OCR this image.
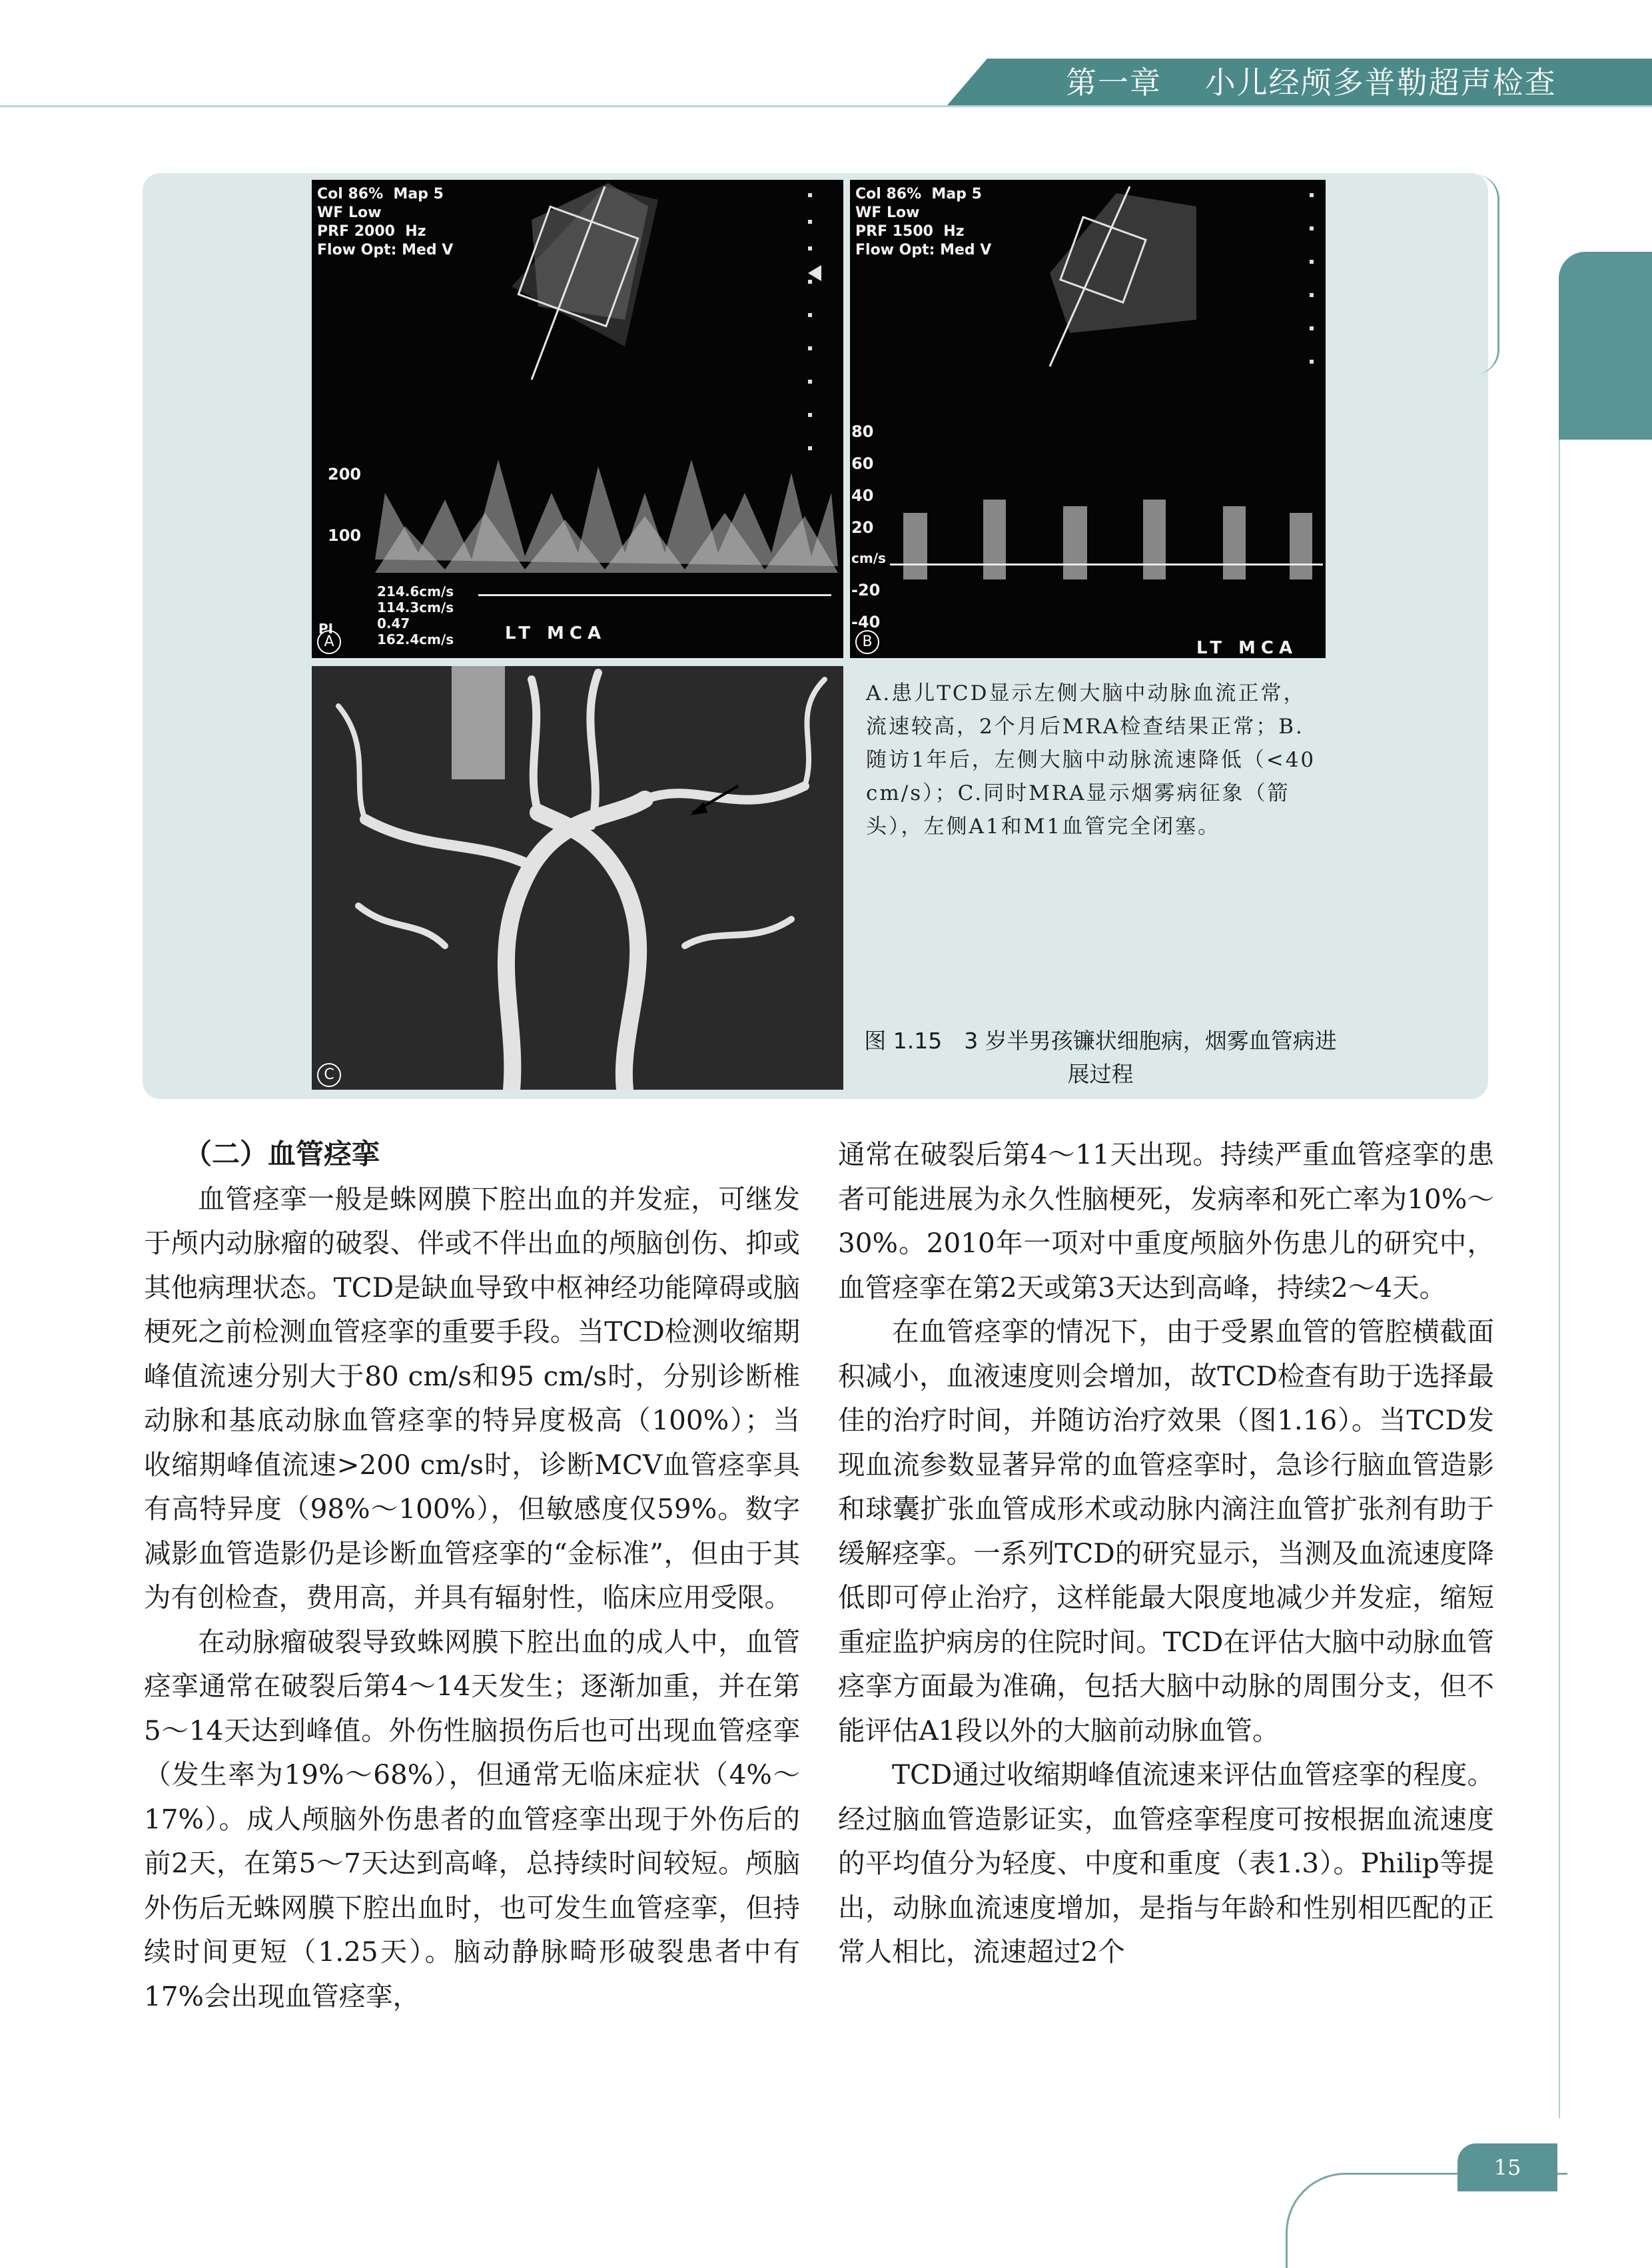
第一章　 小儿经颅多普勒超声检查
Col 86%  Map 5
WF Low
PRF 2000  Hz
Flow Opt: Med V
200
100
214.6cm/s
114.3cm/s
0.47
162.4cm/s
PI	LT MCA
A
Col 86%  Map 5
WF Low
PRF 1500  Hz
Flow Opt: Med V
80
60
40
20
cm/s
-20
-40
LT MCA
B
C
A.患儿TCD显示左侧大脑中动脉血流正常，流速较高，2个月后MRA检查结果正常；B.随访1年后，左侧大脑中动脉流速降低（<40 cm/s）；C.同时MRA显示烟雾病征象（箭头），左侧A1和M1血管完全闭塞。
图 1.15　3 岁半男孩镰状细胞病，烟雾血管病进展过程
（二）血管痉挛

血管痉挛一般是蛛网膜下腔出血的并发症，可继发于颅内动脉瘤的破裂、伴或不伴出血的颅脑创伤、抑或其他病理状态。TCD是缺血导致中枢神经功能障碍或脑梗死之前检测血管痉挛的重要手段。当TCD检测收缩期峰值流速分别大于80 cm/s和95 cm/s时，分别诊断椎动脉和基底动脉血管痉挛的特异度极高（100%）；当收缩期峰值流速>200 cm/s时，诊断MCV血管痉挛具有高特异度（98%～100%），但敏感度仅59%。数字减影血管造影仍是诊断血管痉挛的“金标准”，但由于其为有创检查，费用高，并具有辐射性，临床应用受限。

在动脉瘤破裂导致蛛网膜下腔出血的成人中，血管痉挛通常在破裂后第4～14天发生；逐渐加重，并在第5～14天达到峰值。外伤性脑损伤后也可出现血管痉挛（发生率为19%～68%），但通常无临床症状（4%～17%）。成人颅脑外伤患者的血管痉挛出现于外伤后的前2天，在第5～7天达到高峰，总持续时间较短。颅脑外伤后无蛛网膜下腔出血时，也可发生血管痉挛，但持续时间更短（1.25天）。脑动静脉畸形破裂患者中有17%会出现血管痉挛，

通常在破裂后第4～11天出现。持续严重血管痉挛的患者可能进展为永久性脑梗死，发病率和死亡率为10%～30%。2010年一项对中重度颅脑外伤患儿的研究中，血管痉挛在第2天或第3天达到高峰，持续2～4天。

在血管痉挛的情况下，由于受累血管的管腔横截面积减小，血液速度则会增加，故TCD检查有助于选择最佳的治疗时间，并随访治疗效果（图1.16）。当TCD发现血流参数显著异常的血管痉挛时，急诊行脑血管造影和球囊扩张血管成形术或动脉内滴注血管扩张剂有助于缓解痉挛。一系列TCD的研究显示，当测及血流速度降低即可停止治疗，这样能最大限度地减少并发症，缩短重症监护病房的住院时间。TCD在评估大脑中动脉血管痉挛方面最为准确，包括大脑中动脉的周围分支，但不能评估A1段以外的大脑前动脉血管。

TCD通过收缩期峰值流速来评估血管痉挛的程度。经过脑血管造影证实，血管痉挛程度可按根据血流速度的平均值分为轻度、中度和重度（表1.3）。Philip等提出，动脉血流速度增加，是指与年龄和性别相匹配的正常人相比，流速超过2个

15
